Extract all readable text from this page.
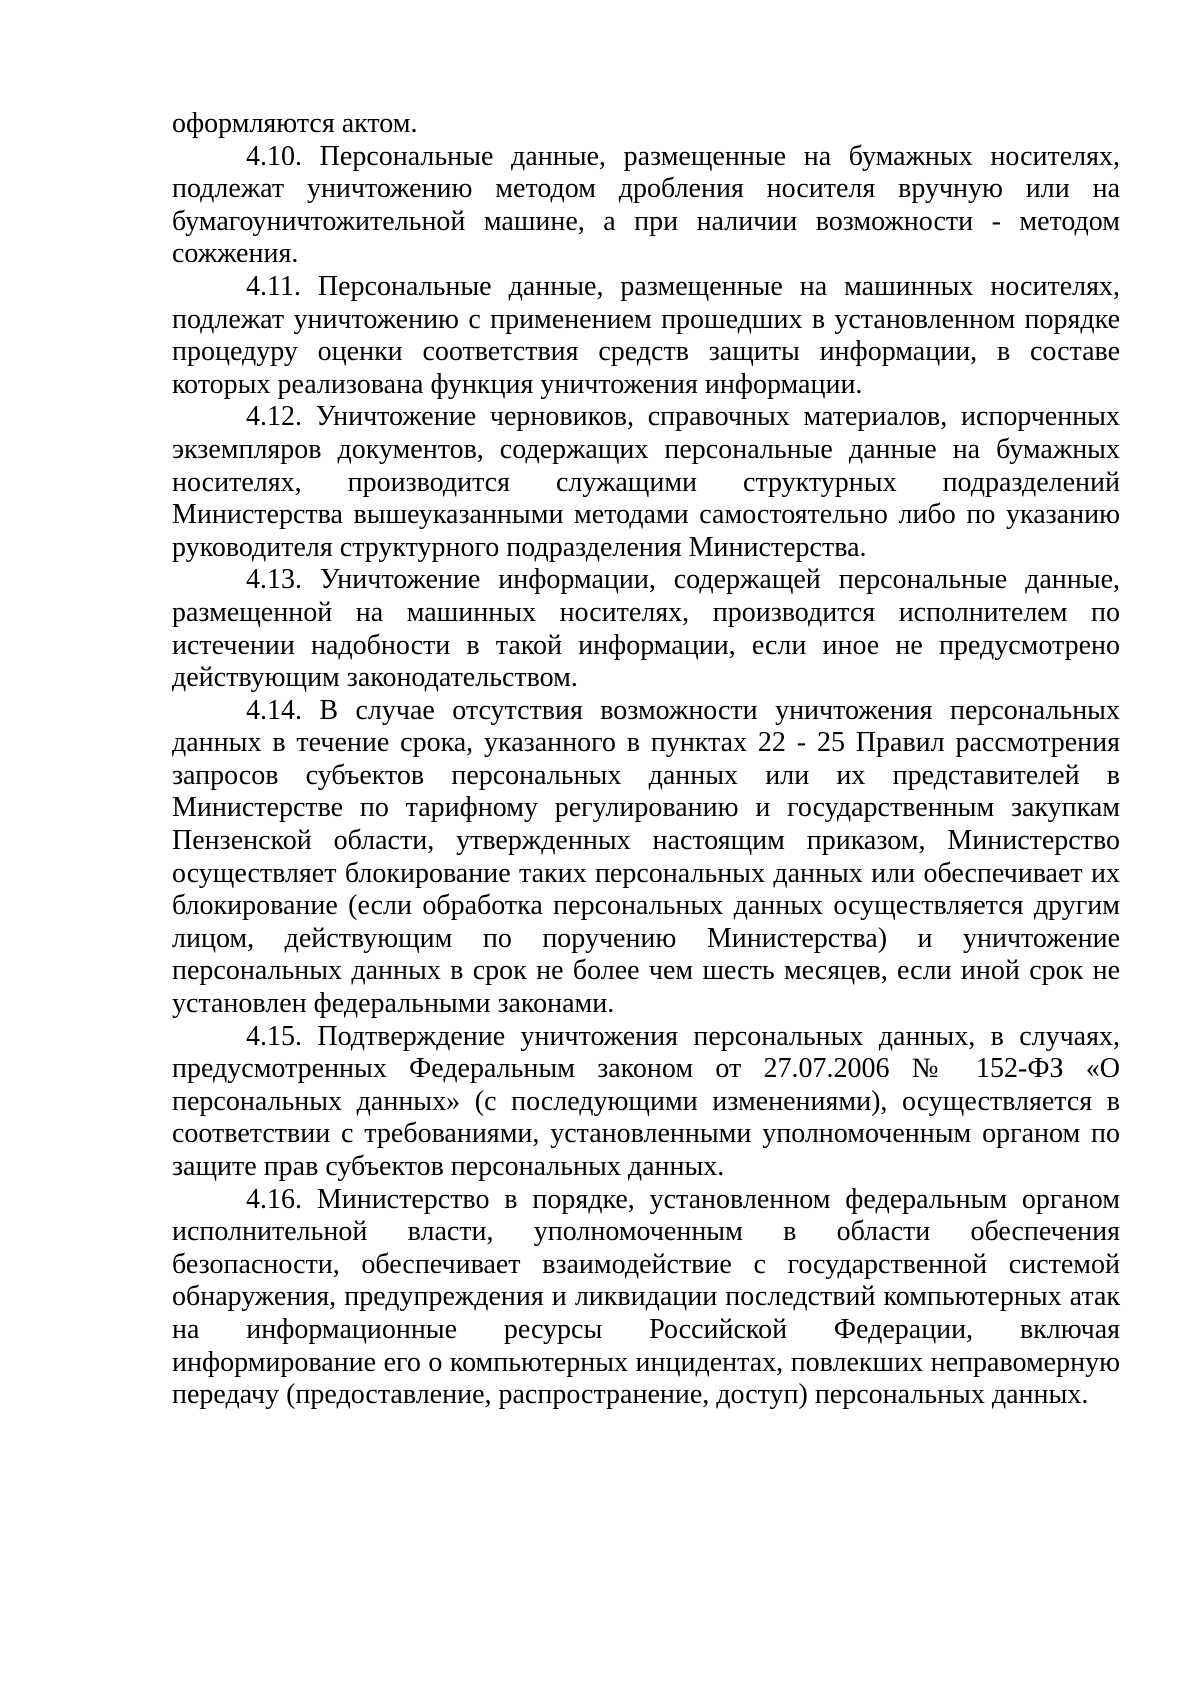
оформляются актом.

4.10. Персональные данные, размещенные на бумажных носителях, подлежат уничтожению методом дробления носителя вручную или на бумагоуничтожительной машине, а при наличии возможности - методом сожжения.

4.11. Персональные данные, размещенные на машинных носителях, подлежат уничтожению с применением прошедших в установленном порядке процедуру оценки соответствия средств защиты информации, в составе которых реализована функция уничтожения информации.

4.12. Уничтожение черновиков, справочных материалов, испорченных экземпляров документов, содержащих персональные данные на бумажных носителях, производится служащими структурных подразделений Министерства вышеуказанными методами самостоятельно либо по указанию руководителя структурного подразделения Министерства.

4.13. Уничтожение информации, содержащей персональные данные, размещенной на машинных носителях, производится исполнителем по истечении надобности в такой информации, если иное не предусмотрено действующим законодательством.

4.14. В случае отсутствия возможности уничтожения персональных данных в течение срока, указанного в пунктах 22 - 25 Правил рассмотрения запросов субъектов персональных данных или их представителей в Министерстве по тарифному регулированию и государственным закупкам Пензенской области, утвержденных настоящим приказом, Министерство осуществляет блокирование таких персональных данных или обеспечивает их блокирование (если обработка персональных данных осуществляется другим лицом, действующим по поручению Министерства) и уничтожение персональных данных в срок не более чем шесть месяцев, если иной срок не установлен федеральными законами.

4.15. Подтверждение уничтожения персональных данных, в случаях, предусмотренных Федеральным законом от 27.07.2006 № 152-ФЗ «О персональных данных» (с последующими изменениями), осуществляется в соответствии с требованиями, установленными уполномоченным органом по защите прав субъектов персональных данных.

4.16. Министерство в порядке, установленном федеральным органом исполнительной власти, уполномоченным в области обеспечения безопасности, обеспечивает взаимодействие с государственной системой обнаружения, предупреждения и ликвидации последствий компьютерных атак на информационные ресурсы Российской Федерации, включая информирование его о компьютерных инцидентах, повлекших неправомерную передачу (предоставление, распространение, доступ) персональных данных.
